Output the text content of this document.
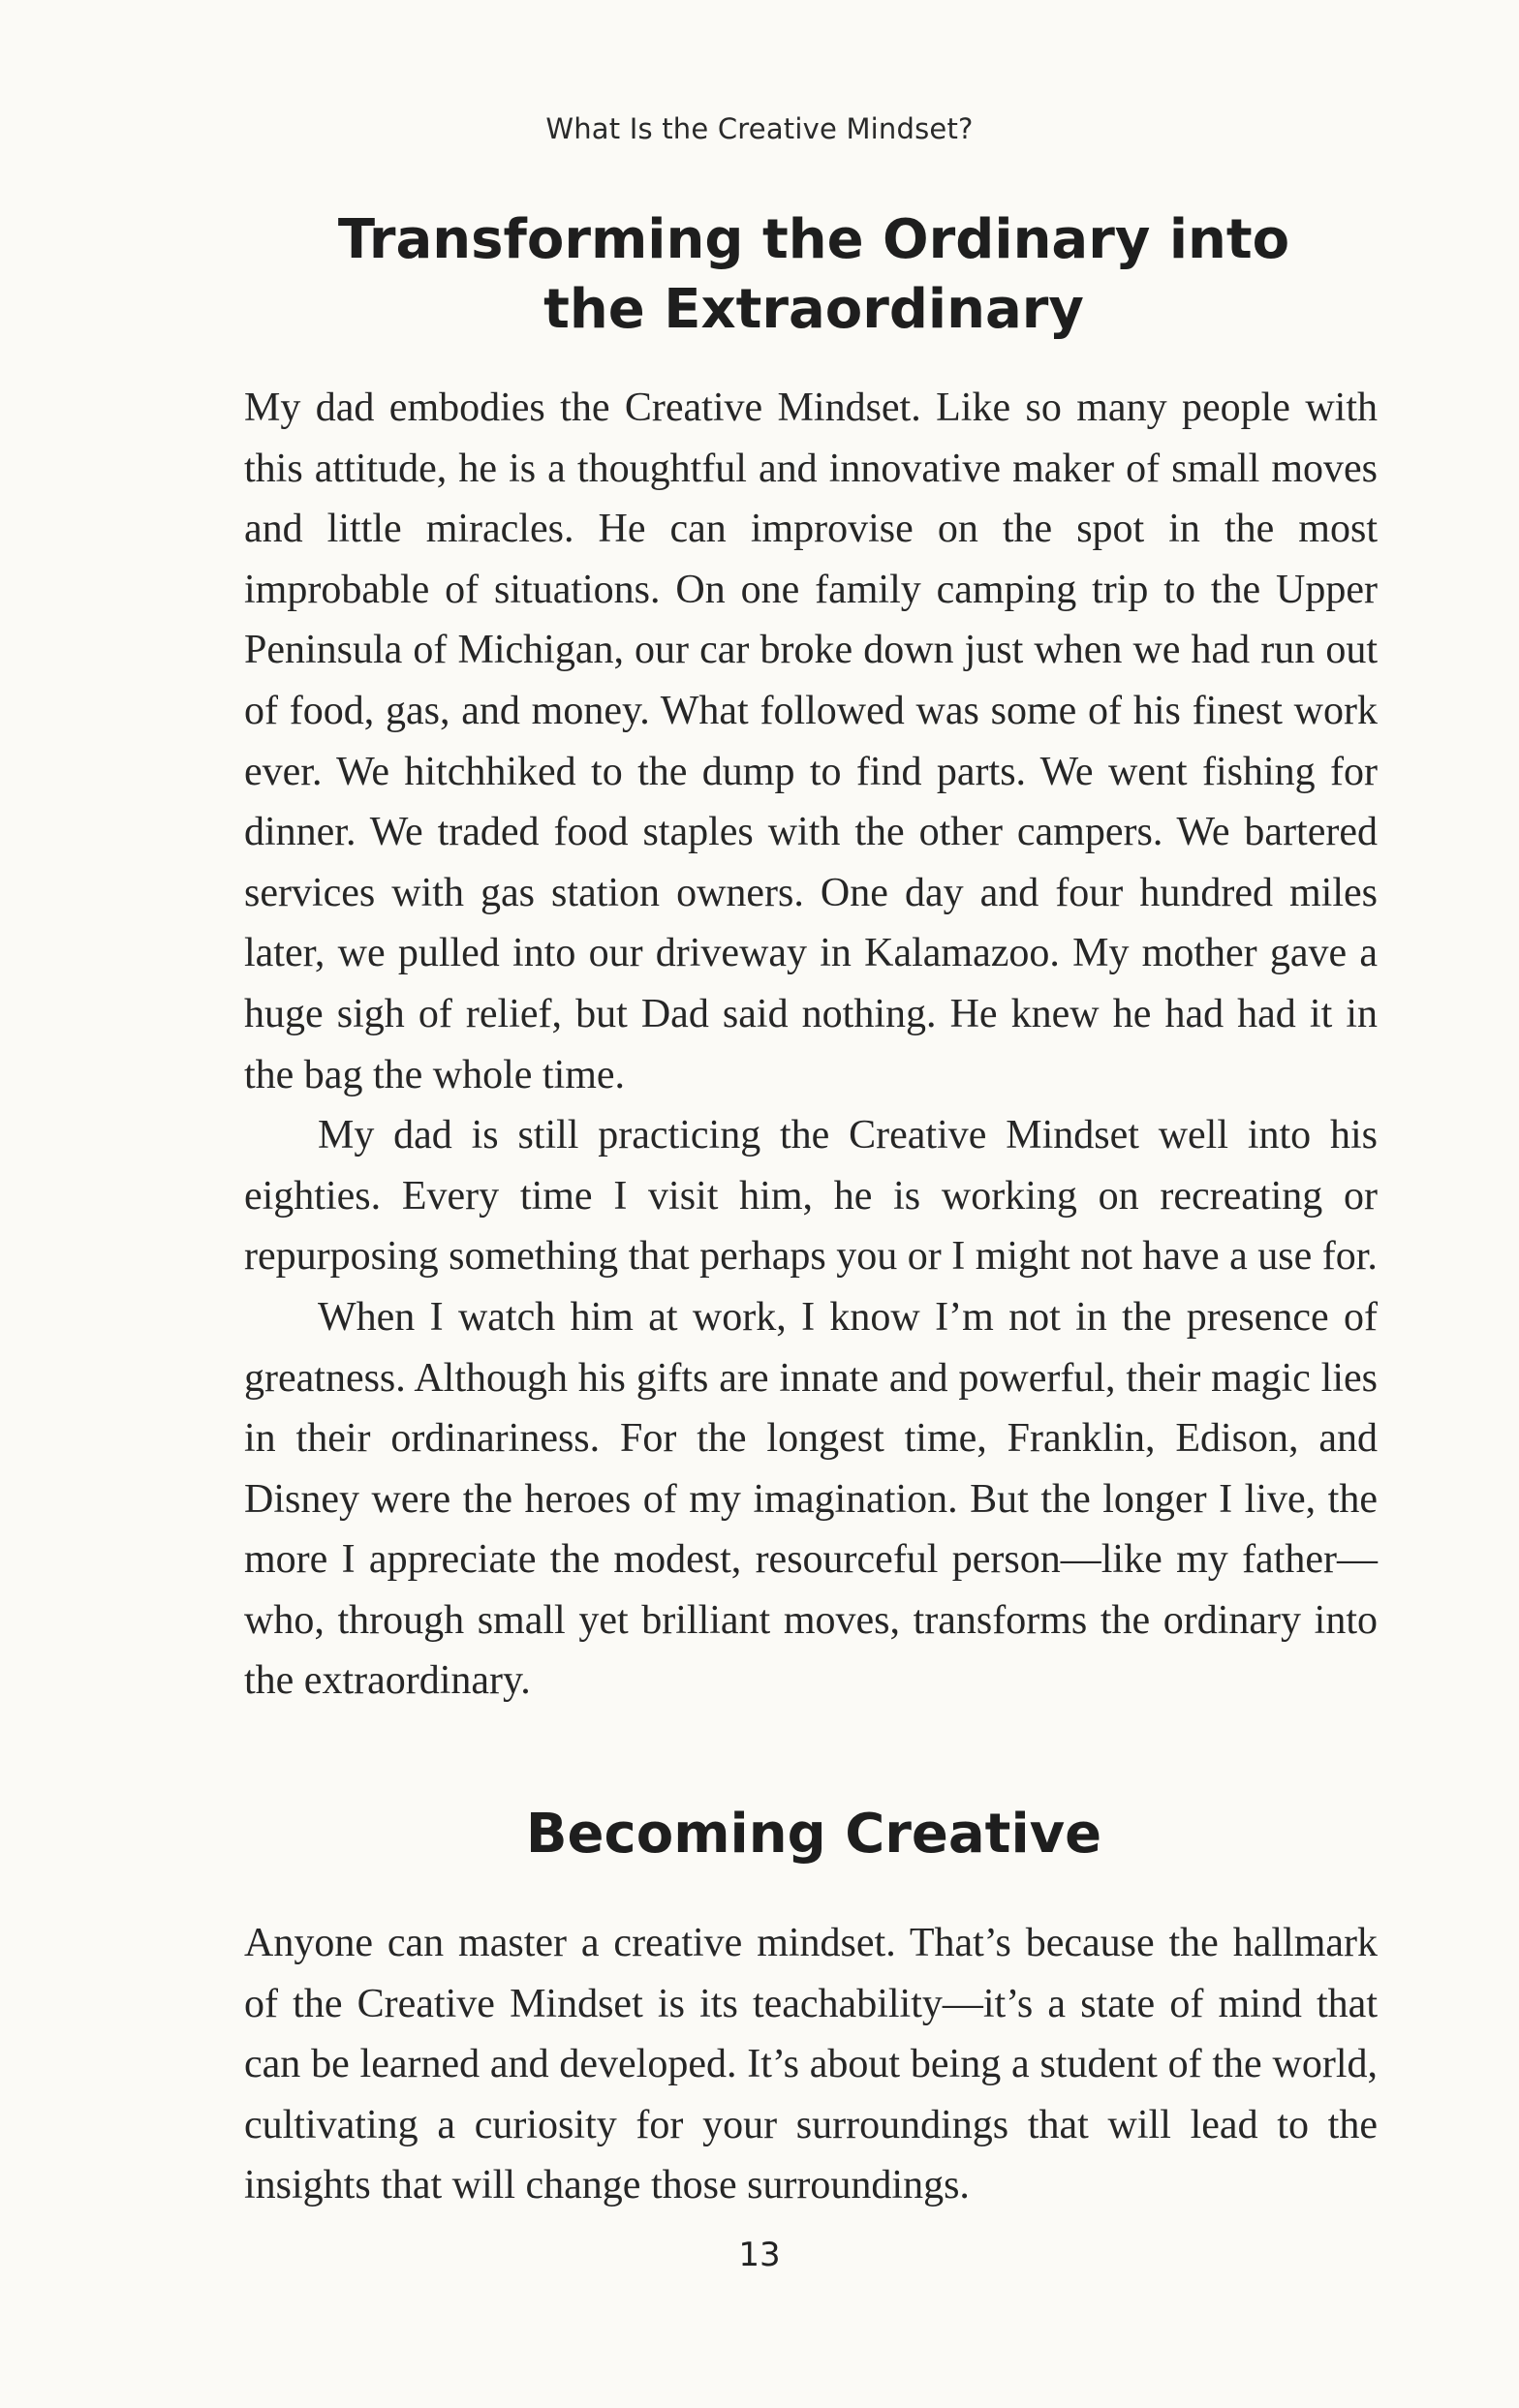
What Is the Creative Mindset?
Transforming the Ordinary into
the Extraordinary

My dad embodies the Creative Mindset. Like so many people with this attitude, he is a thoughtful and innovative maker of small moves and little miracles. He can improvise on the spot in the most improbable of situations. On one family camping trip to the Upper Peninsula of Michigan, our car broke down just when we had run out of food, gas, and money. What followed was some of his finest work ever. We hitchhiked to the dump to find parts. We went fishing for dinner. We traded food staples with the other campers. We bartered services with gas station owners. One day and four hundred miles later, we pulled into our driveway in Kalamazoo. My mother gave a huge sigh of relief, but Dad said nothing. He knew he had had it in the bag the whole time.

My dad is still practicing the Creative Mindset well into his eighties. Every time I visit him, he is working on recreating or repurposing something that perhaps you or I might not have a use for.

When I watch him at work, I know I’m not in the presence of greatness. Although his gifts are innate and powerful, their magic lies in their ordinariness. For the longest time, Franklin, Edison, and Disney were the heroes of my imagination. But the longer I live, the more I appreciate the modest, resourceful person—like my father—who, through small yet brilliant moves, transforms the ordinary into the extraordinary.

Becoming Creative

Anyone can master a creative mindset. That’s because the hallmark of the Creative Mindset is its teachability—it’s a state of mind that can be learned and developed. It’s about being a student of the world, cultivating a curiosity for your surroundings that will lead to the insights that will change those surroundings.

13
